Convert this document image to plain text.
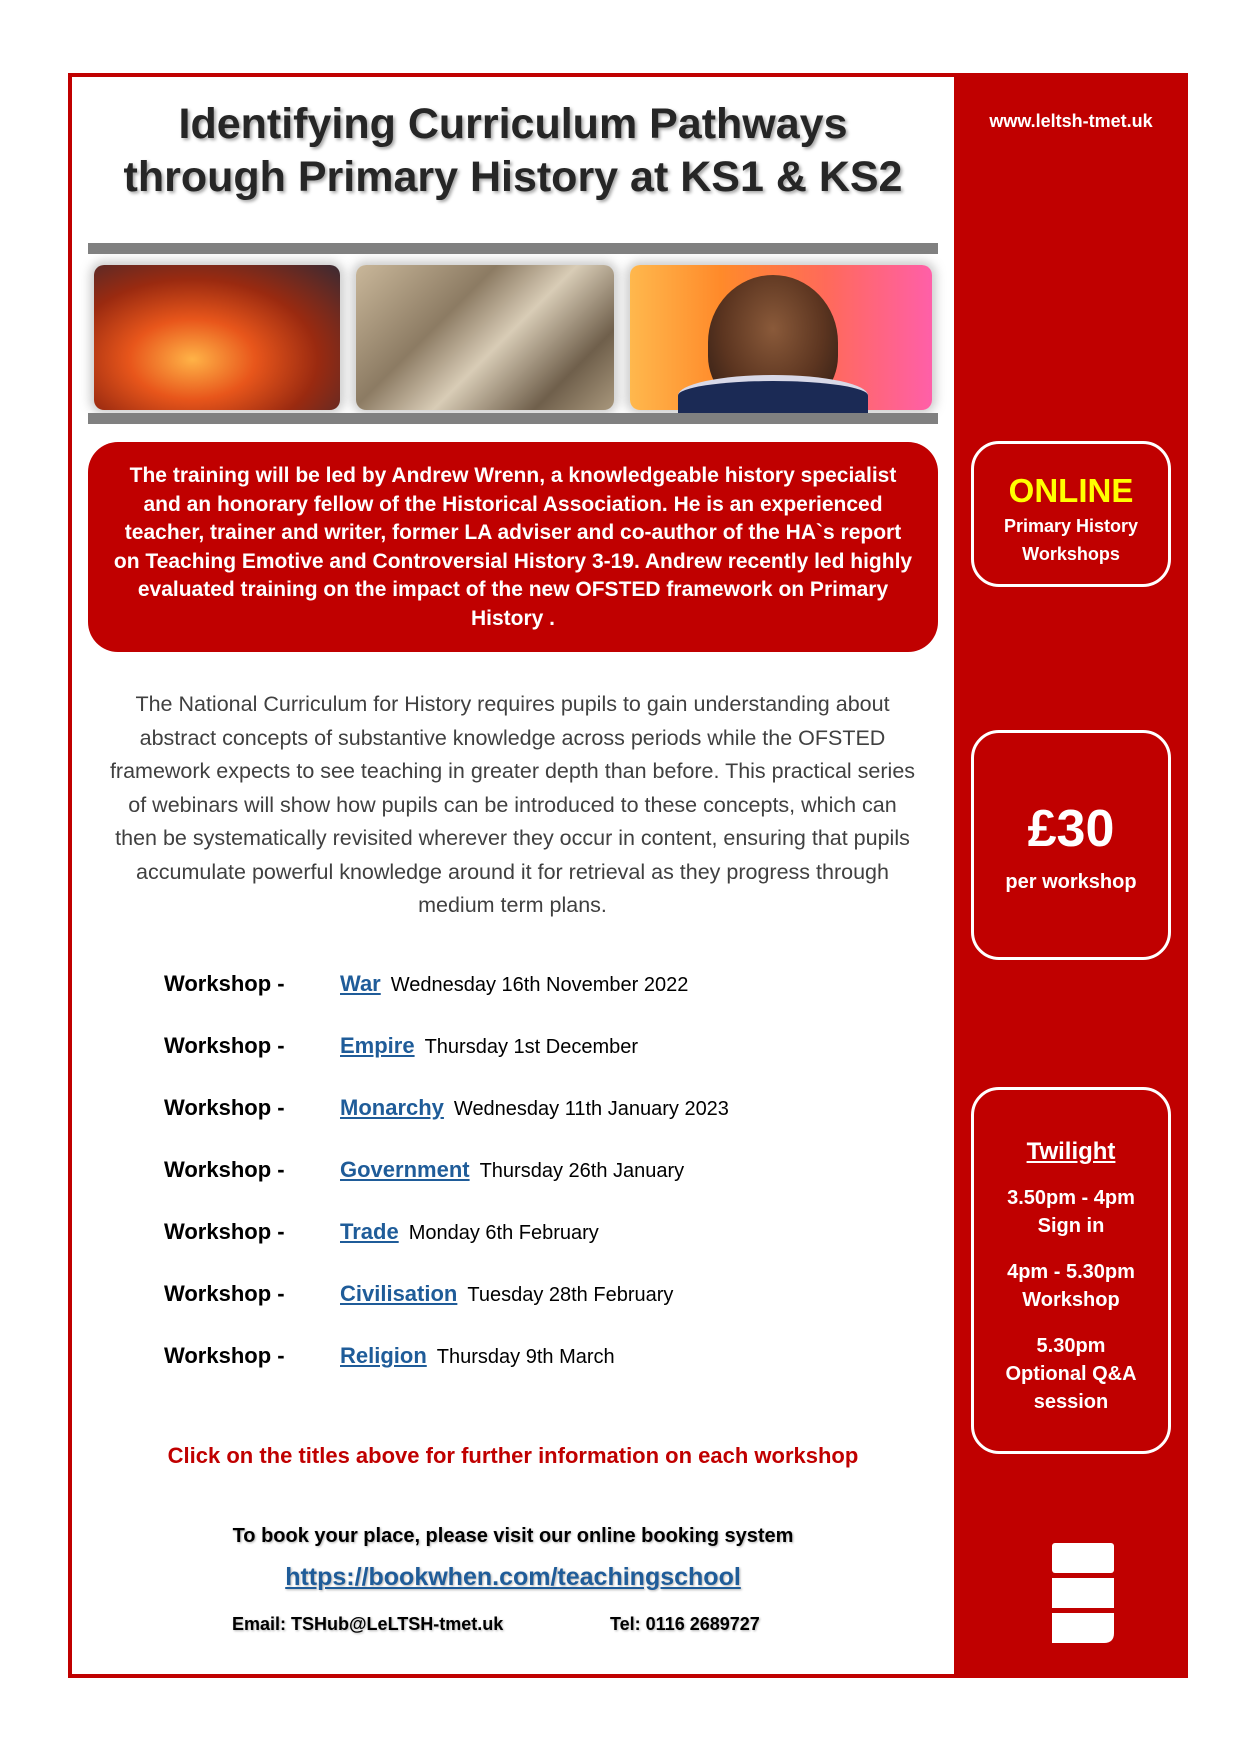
www.leltsh-tmet.uk
ONLINE
Primary History
Workshops
£30
per workshop
Twilight
3.50pm - 4pm
Sign in
4pm - 5.30pm
Workshop
5.30pm
Optional Q&A
session
Identifying Curriculum Pathways
through Primary History at KS1 & KS2
The training will be led by Andrew Wrenn, a knowledgeable history specialist and an honorary fellow of the Historical Association. He is an experienced teacher, trainer and writer, former LA adviser and co-author of the HA`s report on Teaching Emotive and Controversial History 3-19. Andrew recently led highly evaluated training on the impact of the new OFSTED framework on Primary History .
The National Curriculum for History requires pupils to gain understanding about abstract concepts of substantive knowledge across periods while the OFSTED framework expects to see teaching in greater depth than before. This practical series of webinars will show how pupils can be introduced to these concepts, which can then be systematically revisited wherever they occur in content, ensuring that pupils accumulate powerful knowledge around it for retrieval as they progress through medium term plans.
Workshop -	War Wednesday 16th November 2022
Workshop -	Empire Thursday 1st December
Workshop -	Monarchy Wednesday 11th January 2023
Workshop -	Government Thursday 26th January
Workshop -	Trade Monday 6th February
Workshop -	Civilisation Tuesday 28th February
Workshop -	Religion Thursday 9th March
Click on the titles above for further information on each workshop
To book your place, please visit our online booking system
https://bookwhen.com/teachingschool
Email: TSHub@LeLTSH-tmet.uk	Tel: 0116 2689727
